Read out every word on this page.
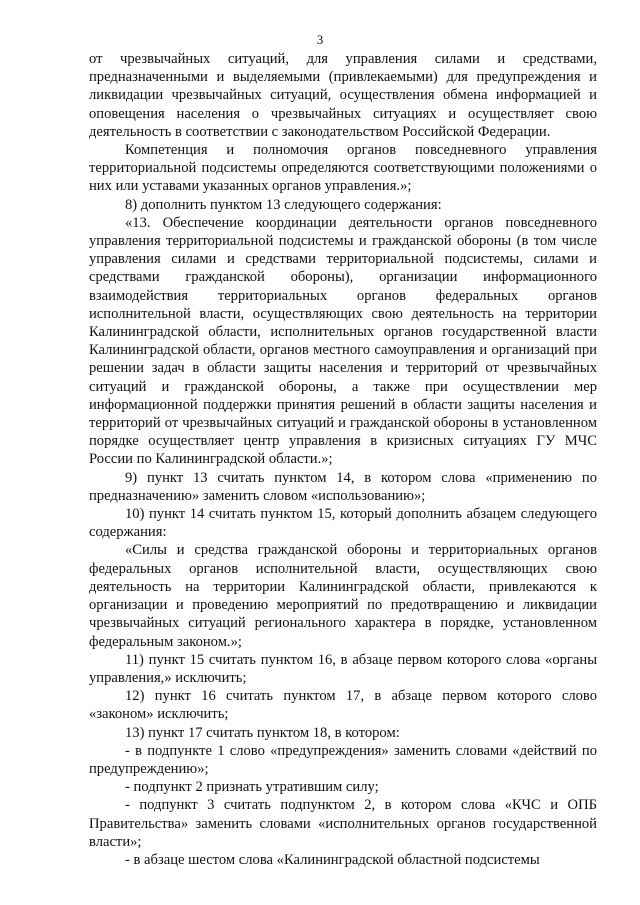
3

от чрезвычайных ситуаций, для управления силами и средствами, предназначенными и выделяемыми (привлекаемыми) для предупреждения и ликвидации чрезвычайных ситуаций, осуществления обмена информацией и оповещения населения о чрезвычайных ситуациях и осуществляет свою деятельность в соответствии с законодательством Российской Федерации.

Компетенция и полномочия органов повседневного управления территориальной подсистемы определяются соответствующими положениями о них или уставами указанных органов управления.»;

8) дополнить пунктом 13 следующего содержания:

«13. Обеспечение координации деятельности органов повседневного управления территориальной подсистемы и гражданской обороны (в том числе управления силами и средствами территориальной подсистемы, силами и средствами гражданской обороны), организации информационного взаимодействия территориальных органов федеральных органов исполнительной власти, осуществляющих свою деятельность на территории Калининградской области, исполнительных органов государственной власти Калининградской области, органов местного самоуправления и организаций при решении задач в области защиты населения и территорий от чрезвычайных ситуаций и гражданской обороны, а также при осуществлении мер информационной поддержки принятия решений в области защиты населения и территорий от чрезвычайных ситуаций и гражданской обороны в установленном порядке осуществляет центр управления в кризисных ситуациях ГУ МЧС России по Калининградской области.»;

9) пункт 13 считать пунктом 14, в котором слова «применению по предназначению» заменить словом «использованию»;

10) пункт 14 считать пунктом 15, который дополнить абзацем следующего содержания:

«Силы и средства гражданской обороны и территориальных органов федеральных органов исполнительной власти, осуществляющих свою деятельность на территории Калининградской области, привлекаются к организации и проведению мероприятий по предотвращению и ликвидации чрезвычайных ситуаций регионального характера в порядке, установленном федеральным законом.»;

11) пункт 15 считать пунктом 16, в абзаце первом которого слова «органы управления,» исключить;

12) пункт 16 считать пунктом 17, в абзаце первом которого слово «законом» исключить;

13) пункт 17 считать пунктом 18, в котором:

- в подпункте 1 слово «предупреждения» заменить словами «действий по предупреждению»;

- подпункт 2 признать утратившим силу;

- подпункт 3 считать подпунктом 2, в котором слова «КЧС и ОПБ Правительства» заменить словами «исполнительных органов государственной власти»;

- в абзаце шестом слова «Калининградской областной подсистемы
